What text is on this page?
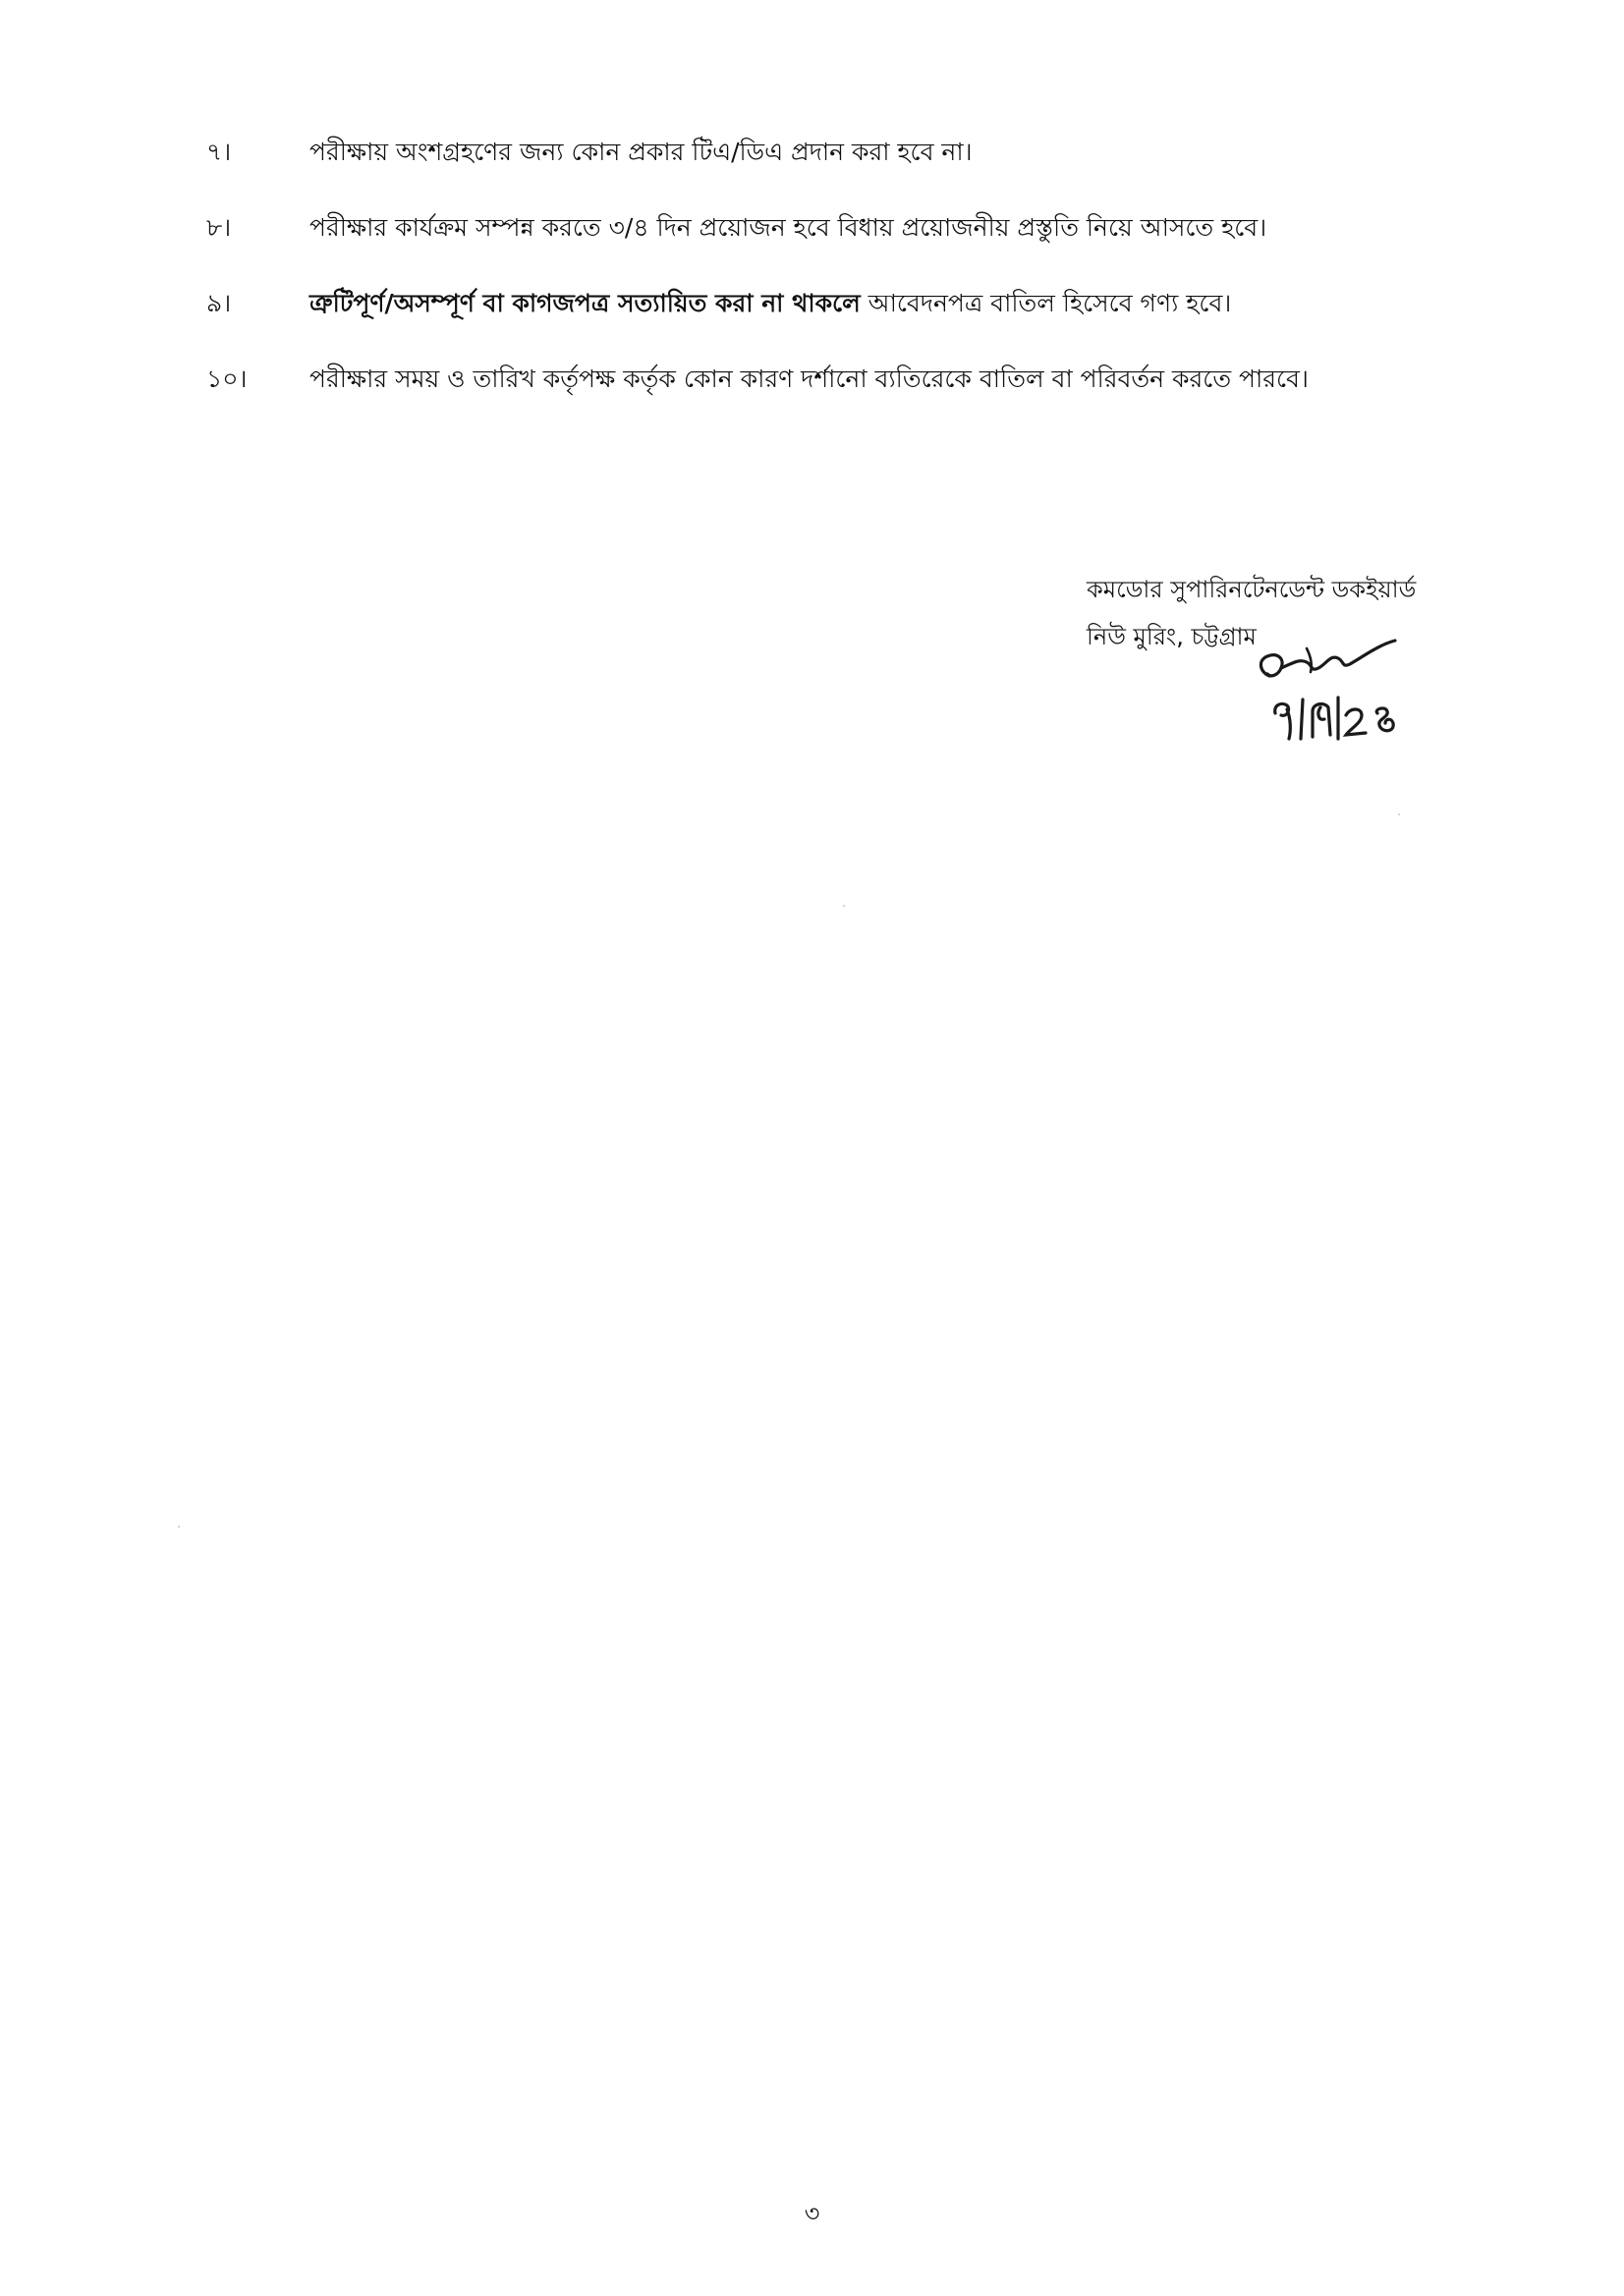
৭।	পরীক্ষায় অংশগ্রহণের জন্য কোন প্রকার টিএ/ডিএ প্রদান করা হবে না।
৮।	পরীক্ষার কার্যক্রম সম্পন্ন করতে ৩/৪ দিন প্রয়োজন হবে বিধায় প্রয়োজনীয় প্রস্তুতি নিয়ে আসতে হবে।
৯।	ত্রুটিপূর্ণ/অসম্পূর্ণ বা কাগজপত্র সত্যায়িত করা না থাকলে আবেদনপত্র বাতিল হিসেবে গণ্য হবে।
১০।	পরীক্ষার সময় ও তারিখ কর্তৃপক্ষ কর্তৃক কোন কারণ দর্শানো ব্যতিরেকে বাতিল বা পরিবর্তন করতে পারবে।
কমডোর সুপারিনটেনডেন্ট ডকইয়ার্ড
নিউ মুরিং, চট্টগ্রাম
৩
